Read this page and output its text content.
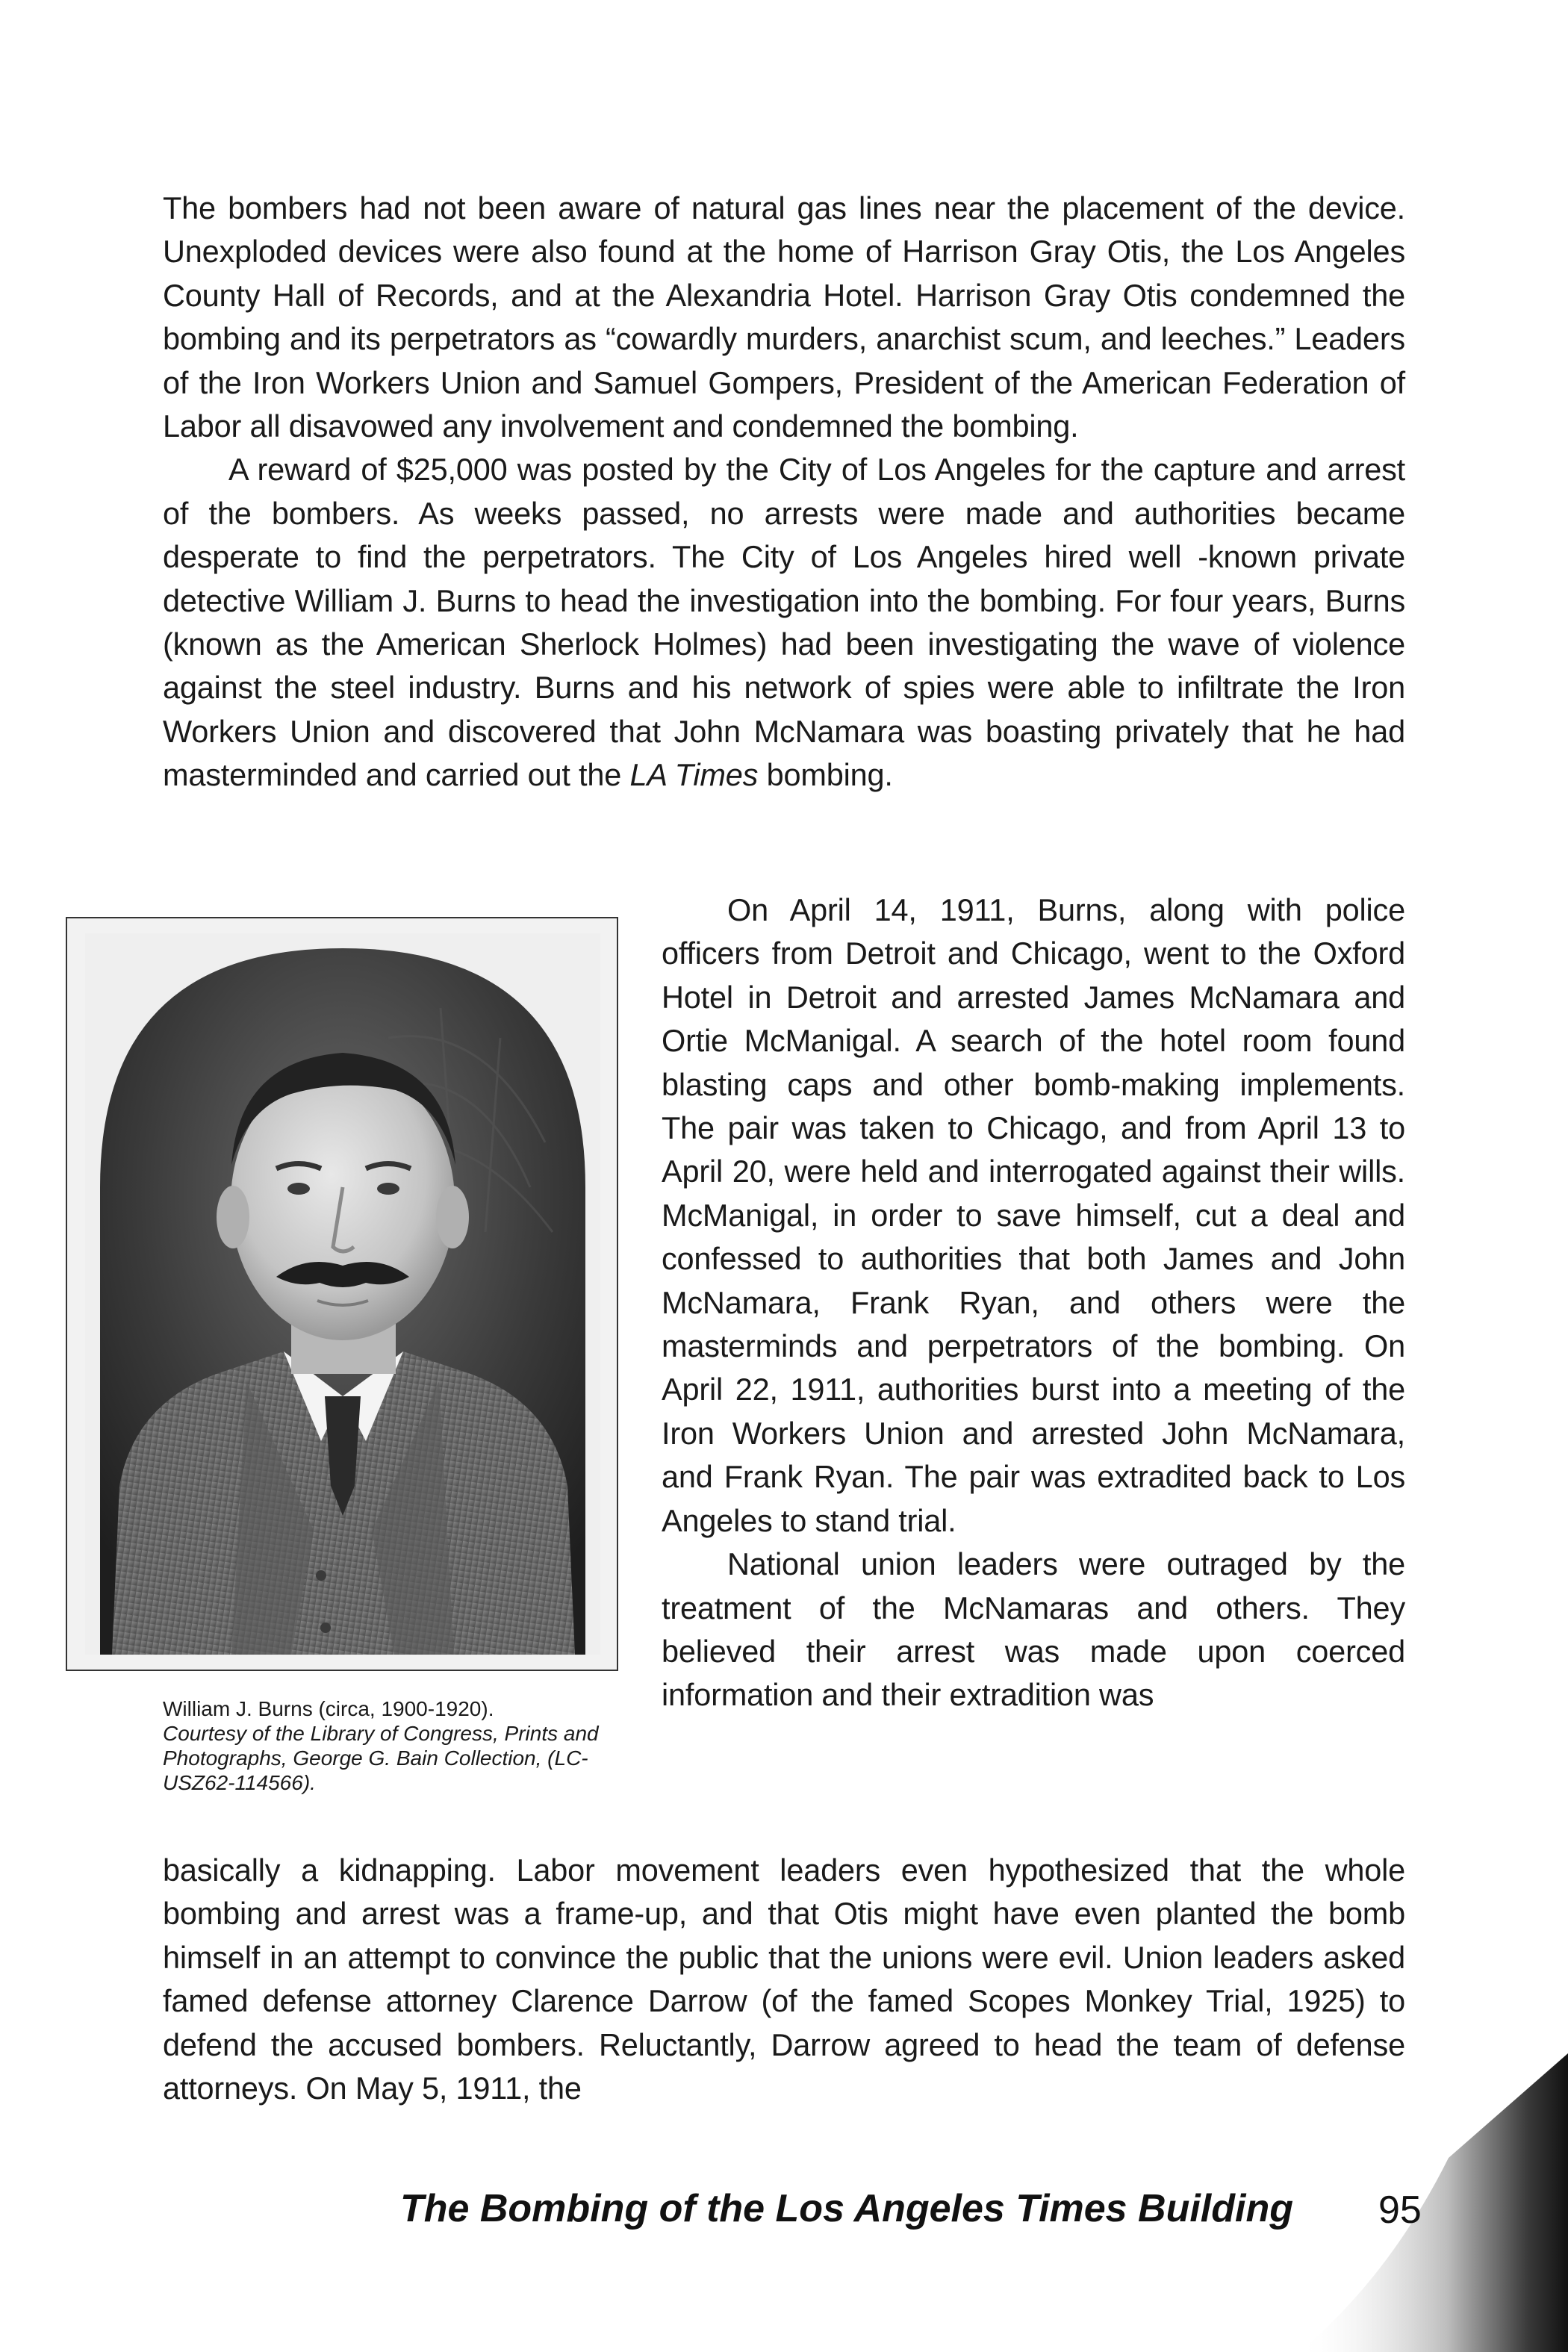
The bombers had not been aware of natural gas lines near the placement of the device. Unexploded devices were also found at the home of Harrison Gray Otis, the Los Angeles County Hall of Records, and at the Alexandria Hotel. Harrison Gray Otis condemned the bombing and its perpetrators as “cowardly murders, anarchist scum, and leeches.” Leaders of the Iron Workers Union and Samuel Gompers, President of the American Federation of Labor all disavowed any involvement and condemned the bombing.

A reward of $25,000 was posted by the City of Los Angeles for the capture and arrest of the bombers. As weeks passed, no arrests were made and authorities became desperate to find the perpetrators. The City of Los Angeles hired well -known private detective William J. Burns to head the investigation into the bombing. For four years, Burns (known as the American Sherlock Holmes) had been investigating the wave of violence against the steel industry. Burns and his network of spies were able to infiltrate the Iron Workers Union and discovered that John McNamara was boasting privately that he had masterminded and carried out the LA Times bombing.

On April 14, 1911, Burns, along with police officers from Detroit and Chicago, went to the Oxford Hotel in Detroit and arrested James McNamara and Ortie McManigal. A search of the hotel room found blasting caps and other bomb-making implements. The pair was taken to Chicago, and from April 13 to April 20, were held and interrogated against their wills. McManigal, in order to save himself, cut a deal and confessed to authorities that both James and John McNamara, Frank Ryan, and others were the masterminds and perpetrators of the bombing. On April 22, 1911, authorities burst into a meeting of the Iron Workers Union and arrested John McNamara, and Frank Ryan. The pair was extradited back to Los Angeles to stand trial.

National union leaders were outraged by the treatment of the McNamaras and others. They believed their arrest was made upon coerced information and their extradition was

William J. Burns (circa, 1900-1920).
Courtesy of the Library of Congress, Prints and Photographs, George G. Bain Collection, (LC-USZ62-114566).

basically a kidnapping. Labor movement leaders even hypothesized that the whole bombing and arrest was a frame-up, and that Otis might have even planted the bomb himself in an attempt to convince the public that the unions were evil. Union leaders asked famed defense attorney Clarence Darrow (of the famed Scopes Monkey Trial, 1925) to defend the accused bombers. Reluctantly, Darrow agreed to head the team of defense attorneys. On May 5, 1911, the

The Bombing of the Los Angeles Times Building 95
